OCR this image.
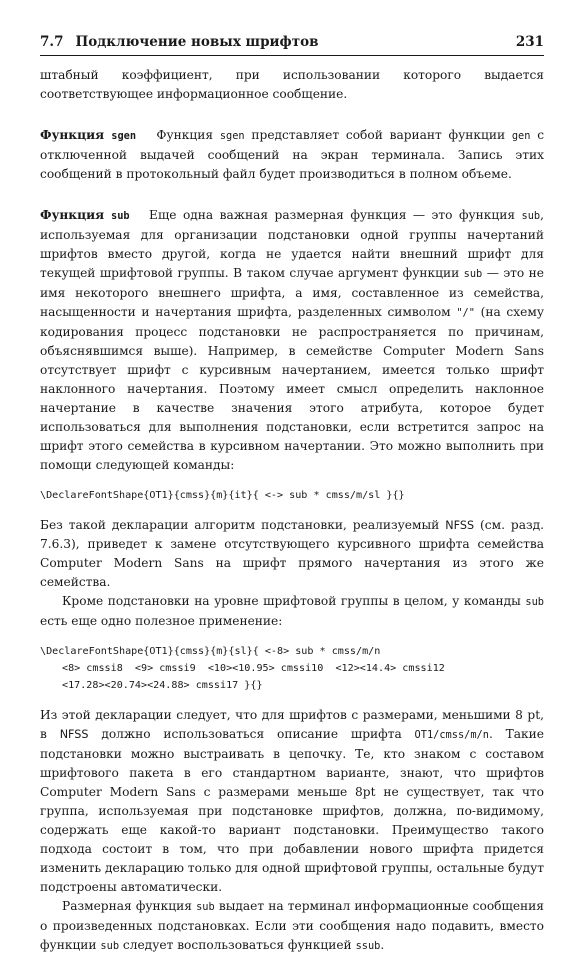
7.7 Подключение новых шрифтов	231

штабный коэффициент, при использовании которого выдается соответствующее информационное сообщение.

Функция sgen Функция sgen представляет собой вариант функции gen с отключенной выдачей сообщений на экран терминала. Запись этих сообщений в протокольный файл будет производиться в полном объеме.

Функция sub Еще одна важная размерная функция — это функция sub, используемая для организации подстановки одной группы начертаний шрифтов вместо другой, когда не удается найти внешний шрифт для текущей шрифтовой группы. В таком случае аргумент функции sub — это не имя некоторого внешнего шрифта, а имя, составленное из семейства, насыщенности и начертания шрифта, разделенных символом "/" (на схему кодирования процесс подстановки не распространяется по причинам, объяснявшимся выше). Например, в семействе Computer Modern Sans отсутствует шрифт с курсивным начертанием, имеется только шрифт наклонного начертания. Поэтому имеет смысл определить наклонное начертание в качестве значения этого атрибута, которое будет использоваться для выполнения подстановки, если встретится запрос на шрифт этого семейства в курсивном начертании. Это можно выполнить при помощи следующей команды:

\DeclareFontShape{OT1}{cmss}{m}{it}{ <-> sub * cmss/m/sl }{}

Без такой декларации алгоритм подстановки, реализуемый NFSS (см. разд. 7.6.3), приведет к замене отсутствующего курсивного шрифта семейства Computer Modern Sans на шрифт прямого начертания из этого же семейства.

Кроме подстановки на уровне шрифтовой группы в целом, у команды sub есть еще одно полезное применение:

\DeclareFontShape{OT1}{cmss}{m}{sl}{ <-8> sub * cmss/m/n
<8> cmssi8  <9> cmssi9  <10><10.95> cmssi10  <12><14.4> cmssi12
<17.28><20.74><24.88> cmssi17 }{}

Из этой декларации следует, что для шрифтов с размерами, меньшими 8 pt, в NFSS должно использоваться описание шрифта OT1/cmss/m/n. Такие подстановки можно выстраивать в цепочку. Те, кто знаком с составом шрифтового пакета в его стандартном варианте, знают, что шрифтов Computer Modern Sans с размерами меньше 8pt не существует, так что группа, используемая при подстановке шрифтов, должна, по-видимому, содержать еще какой-то вариант подстановки. Преимущество такого подхода состоит в том, что при добавлении нового шрифта придется изменить декларацию только для одной шрифтовой группы, остальные будут подстроены автоматически.

Размерная функция sub выдает на терминал информационные сообщения о произведенных подстановках. Если эти сообщения надо подавить, вместо функции sub следует воспользоваться функцией ssub.
